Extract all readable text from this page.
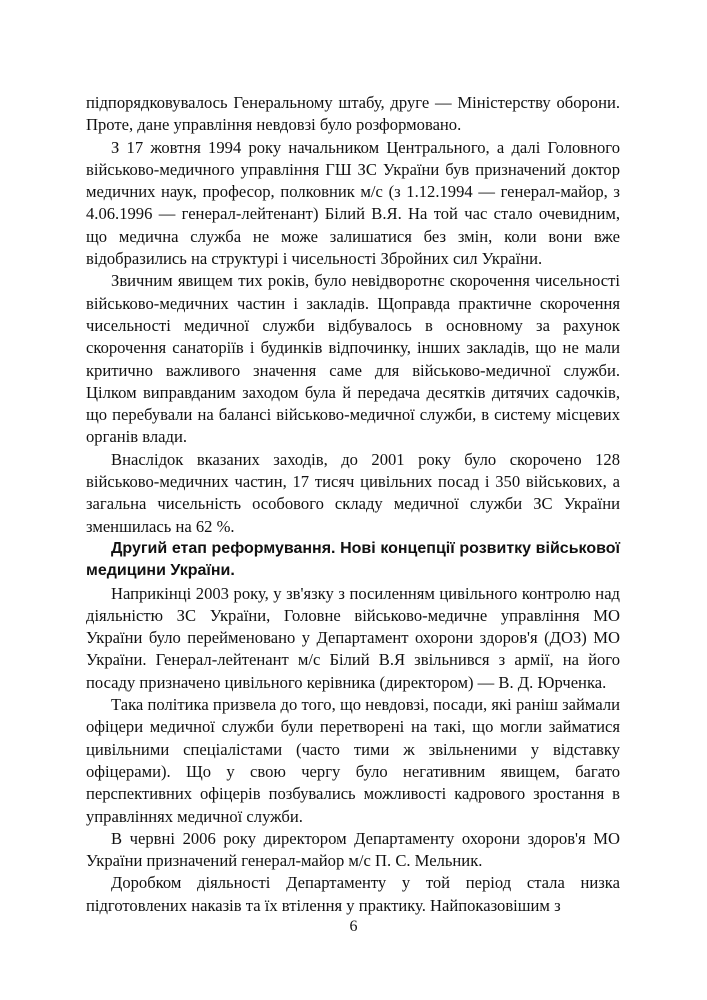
підпорядковувалось Генеральному штабу, друге — Міністерству оборони. Проте, дане управління невдовзі було розформовано.

З 17 жовтня 1994 року начальником Центрального, а далі Головного військово-медичного управління ГШ ЗС України був призначений доктор медичних наук, професор, полковник м/с (з 1.12.1994 — генерал-майор, з 4.06.1996 — генерал-лейтенант) Білий В.Я. На той час стало очевидним, що медична служба не може залишатися без змін, коли вони вже відобразились на структурі і чисельності Збройних сил України.

Звичним явищем тих років, було невідворотнє скорочення чисельності військово-медичних частин і закладів. Щоправда практичне скорочення чисельності медичної служби відбувалось в основному за рахунок скорочення санаторіїв і будинків відпочинку, інших закладів, що не мали критично важливого значення саме для військово-медичної служби. Цілком виправданим заходом була й передача десятків дитячих садочків, що перебували на балансі військово-медичної служби, в систему місцевих органів влади.

Внаслідок вказаних заходів, до 2001 року було скорочено 128 військово-медичних частин, 17 тисяч цивільних посад і 350 військових, а загальна чисельність особового складу медичної служби ЗС України зменшилась на 62 %.

Другий етап реформування. Нові концепції розвитку військової медицини України.

Наприкінці 2003 року, у зв'язку з посиленням цивільного контролю над діяльністю ЗС України, Головне військово-медичне управління МО України було перейменовано у Департамент охорони здоров'я (ДОЗ) МО України. Генерал-лейтенант м/с Білий В.Я звільнився з армії, на його посаду призначено цивільного керівника (директором) — В. Д. Юрченка.

Така політика призвела до того, що невдовзі, посади, які раніш займали офіцери медичної служби були перетворені на такі, що могли займатися цивільними спеціалістами (часто тими ж звільненими у відставку офіцерами). Що у свою чергу було негативним явищем, багато перспективних офіцерів позбувались можливості кадрового зростання в управліннях медичної служби.

В червні 2006 року директором Департаменту охорони здоров'я МО України призначений генерал-майор м/с П. С. Мельник.

Доробком діяльності Департаменту у той період стала низка підготовлених наказів та їх втілення у практику. Найпоказовішим з

6
